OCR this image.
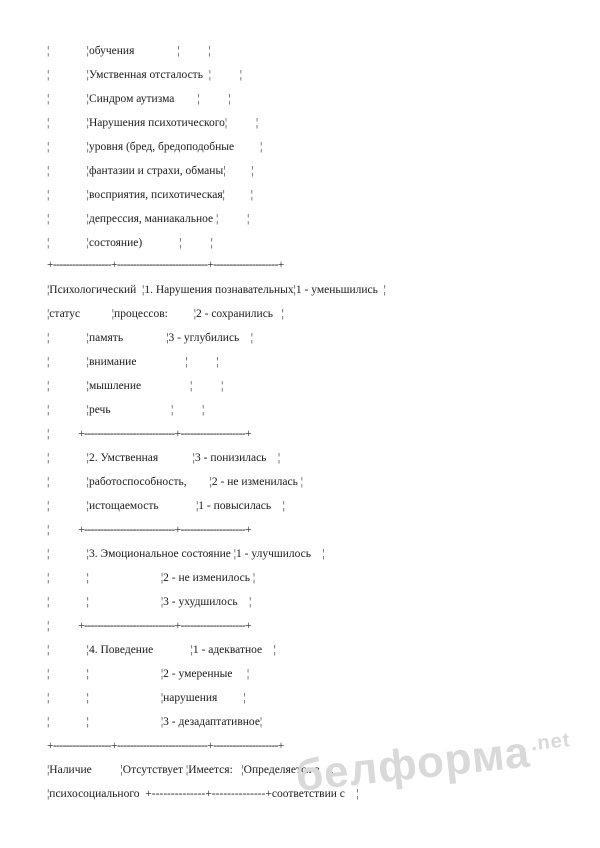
¦             ¦обучения               ¦          ¦
¦             ¦Умственная отсталость  ¦          ¦
¦             ¦Синдром аутизма        ¦          ¦
¦             ¦Нарушения психотического¦          ¦
¦             ¦уровня (бред, бредоподобные         ¦
¦             ¦фантазии и страхи, обманы¦         ¦
¦             ¦восприятия, психотическая¦         ¦
¦             ¦депрессия, маниакальное ¦          ¦
¦             ¦состояние)             ¦          ¦
+------------------+----------------------------+--------------------+
¦Психологический  ¦1. Нарушения познавательных¦1 - уменьшились  ¦
¦статус           ¦процессов:         ¦2 - сохранились   ¦
¦             ¦память               ¦3 - углубились    ¦
¦             ¦внимание                 ¦          ¦
¦             ¦мышление                 ¦          ¦
¦             ¦речь                     ¦          ¦
¦             +----------------------------+--------------------+
¦             ¦2. Умственная            ¦3 - понизилась    ¦
¦             ¦работоспособность,        ¦2 - не изменилась ¦
¦             ¦истощаемость             ¦1 - повысилась    ¦
¦             +----------------------------+--------------------+
¦             ¦3. Эмоциональное состояние ¦1 - улучшилось    ¦
¦             ¦                         ¦2 - не изменилось ¦
¦             ¦                         ¦3 - ухудшилось    ¦
¦             +----------------------------+--------------------+
¦             ¦4. Поведение             ¦1 - адекватное    ¦
¦             ¦                         ¦2 - умеренные     ¦
¦             ¦                         ¦нарушения         ¦
¦             ¦                         ¦3 - дезадаптативное¦
+------------------+----------------------------+--------------------+
¦Наличие          ¦Отсутствует ¦Имеется:   ¦Определяется в    ¦
¦психосоциального  +--------------+--------------+соответствии с    ¦
белформа$^{.net}$
